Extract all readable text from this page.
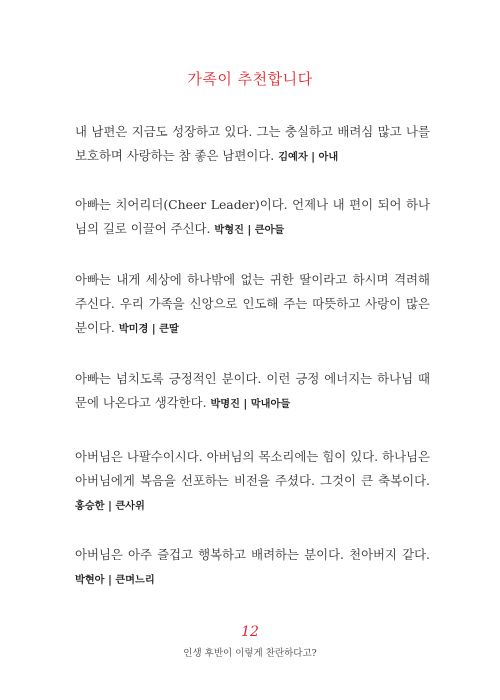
가족이 추천합니다

내 남편은 지금도 성장하고 있다. 그는 충실하고 배려심 많고 나를 보호하며 사랑하는 참 좋은 남편이다. 김예자 | 아내

아빠는 치어리더(Cheer Leader)이다. 언제나 내 편이 되어 하나님의 길로 이끌어 주신다. 박형진 | 큰아들

아빠는 내게 세상에 하나밖에 없는 귀한 딸이라고 하시며 격려해 주신다. 우리 가족을 신앙으로 인도해 주는 따뜻하고 사랑이 많은 분이다. 박미경 | 큰딸

아빠는 넘치도록 긍정적인 분이다. 이런 긍정 에너지는 하나님 때문에 나온다고 생각한다. 박명진 | 막내아들

아버님은 나팔수이시다. 아버님의 목소리에는 힘이 있다. 하나님은 아버님에게 복음을 선포하는 비전을 주셨다. 그것이 큰 축복이다. 홍승한 | 큰사위

아버님은 아주 즐겁고 행복하고 배려하는 분이다. 천아버지 같다. 박현아 | 큰며느리

12
인생 후반이 이렇게 찬란하다고?
